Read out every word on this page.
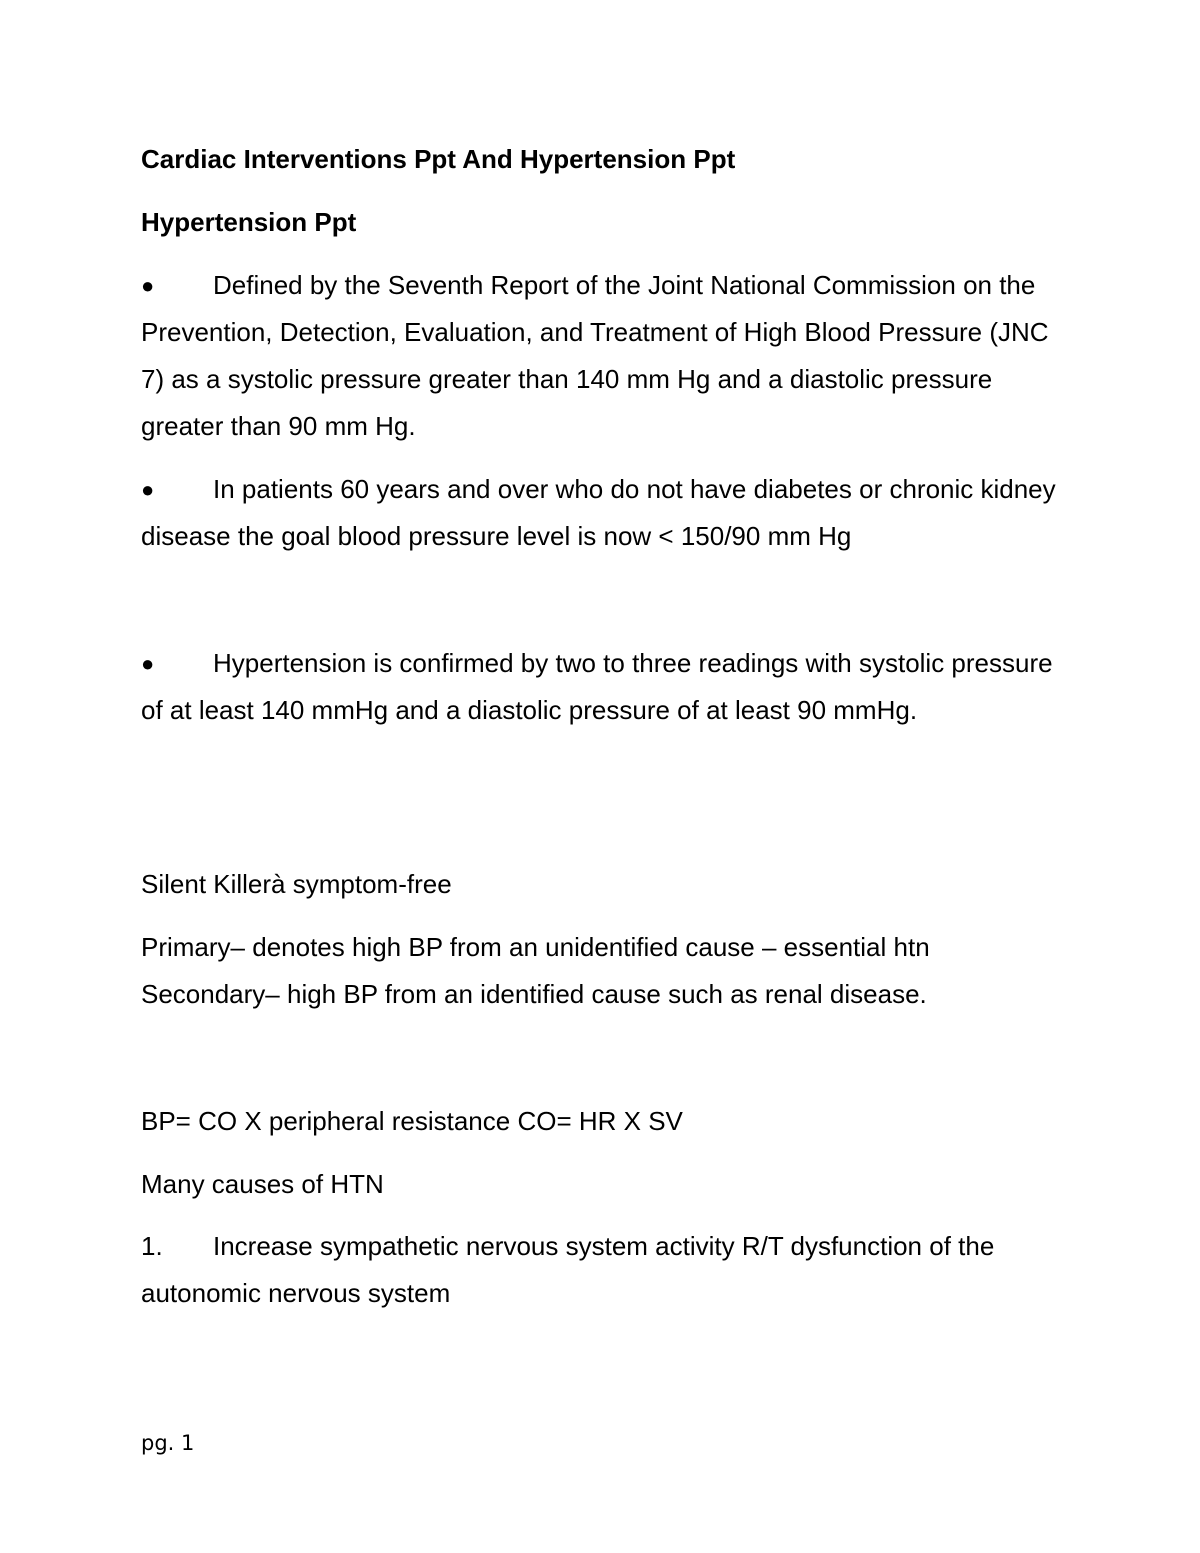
Cardiac Interventions Ppt And Hypertension Ppt
Hypertension Ppt

● Defined by the Seventh Report of the Joint National Commission on the Prevention, Detection, Evaluation, and Treatment of High Blood Pressure (JNC 7) as a systolic pressure greater than 140 mm Hg and a diastolic pressure greater than 90 mm Hg.

● In patients 60 years and over who do not have diabetes or chronic kidney disease the goal blood pressure level is now < 150/90 mm Hg

● Hypertension is confirmed by two to three readings with systolic pressure of at least 140 mmHg and a diastolic pressure of at least 90 mmHg.

Silent Killerà symptom-free
Primary– denotes high BP from an unidentified cause – essential htn
Secondary– high BP from an identified cause such as renal disease.
BP= CO X peripheral resistance CO= HR X SV
Many causes of HTN

1. Increase sympathetic nervous system activity R/T dysfunction of the autonomic nervous system

pg. 1
